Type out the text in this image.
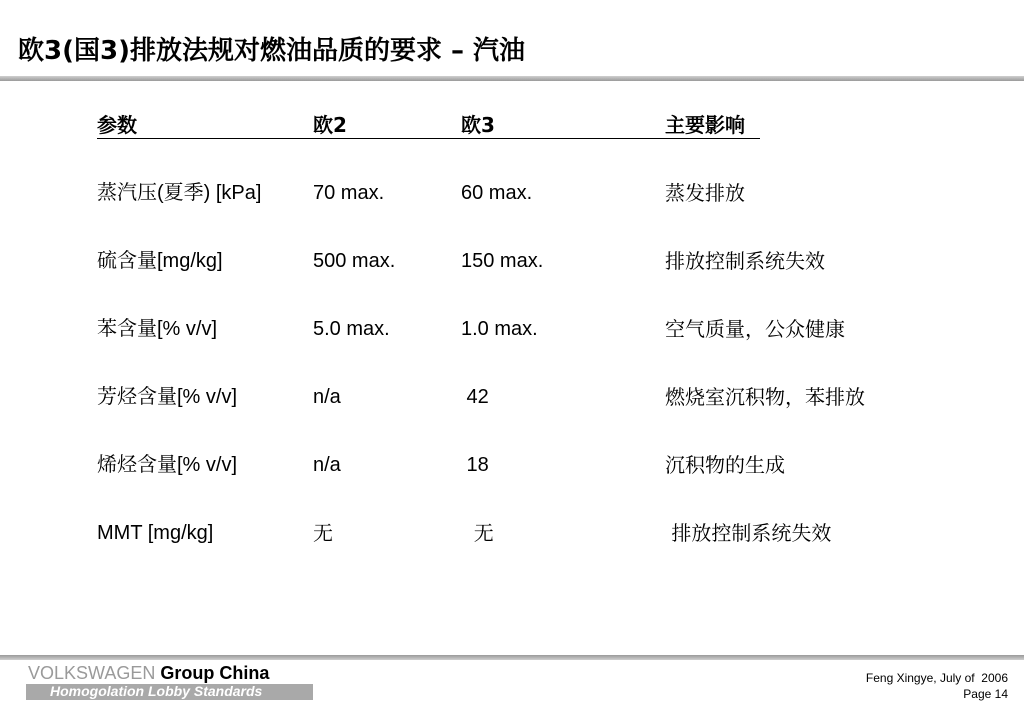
欧3(国3)排放法规对燃油品质的要求 – 汽油
参数	欧2	欧3	主要影响
蒸汽压(夏季) [kPa]	70 max.	60 max.	蒸发排放
硫含量[mg/kg]	500 max.	150 max.	排放控制系统失效
苯含量[% v/v]	5.0 max.	1.0 max.	空气质量，公众健康
芳烃含量[% v/v]	n/a	42	燃烧室沉积物，苯排放
烯烃含量[% v/v]	n/a	18	沉积物的生成
MMT [mg/kg]	无	无	排放控制系统失效
VOLKSWAGEN Group China
Homogolation Lobby Standards
Feng Xingye, July of  2006
Page 14
